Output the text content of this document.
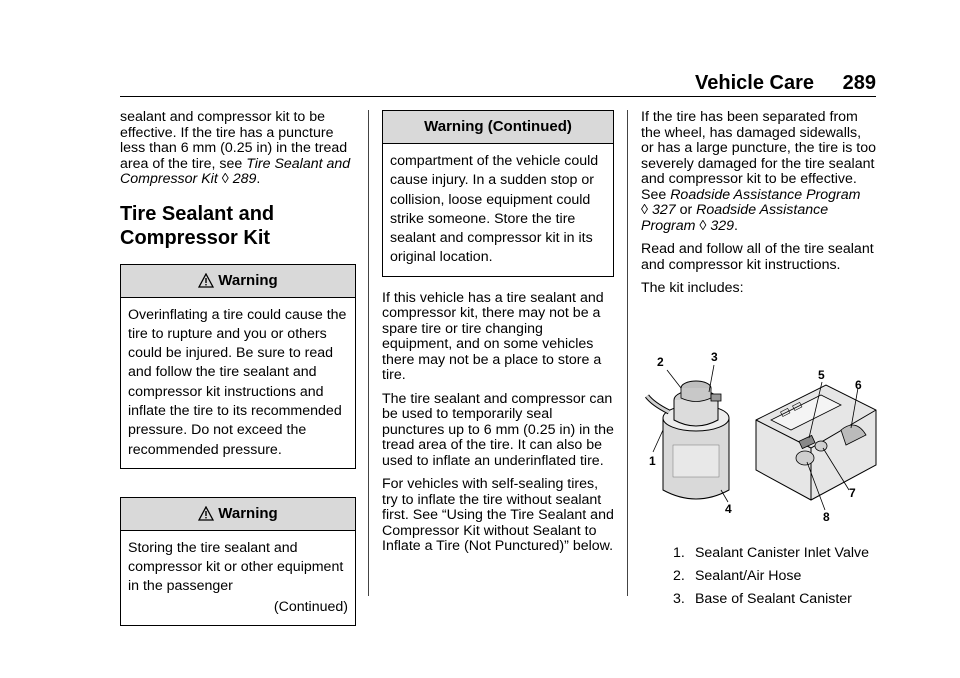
Vehicle Care 289

sealant and compressor kit to be effective. If the tire has a puncture less than 6 mm (0.25 in) in the tread area of the tire, see Tire Sealant and Compressor Kit ◊ 289.

Tire Sealant and Compressor Kit
Warning
Overinflating a tire could cause the tire to rupture and you or others could be injured. Be sure to read and follow the tire sealant and compressor kit instructions and inflate the tire to its recommended pressure. Do not exceed the recommended pressure.
Warning
Storing the tire sealant and compressor kit or other equipment in the passenger
(Continued)
Warning (Continued)
compartment of the vehicle could cause injury. In a sudden stop or collision, loose equipment could strike someone. Store the tire sealant and compressor kit in its original location.

If this vehicle has a tire sealant and compressor kit, there may not be a spare tire or tire changing equipment, and on some vehicles there may not be a place to store a tire.

The tire sealant and compressor can be used to temporarily seal punctures up to 6 mm (0.25 in) in the tread area of the tire. It can also be used to inflate an underinflated tire.

For vehicles with self-sealing tires, try to inflate the tire without sealant first. See “Using the Tire Sealant and Compressor Kit without Sealant to Inflate a Tire (Not Punctured)” below.

If the tire has been separated from the wheel, has damaged sidewalls, or has a large puncture, the tire is too severely damaged for the tire sealant and compressor kit to be effective.
See Roadside Assistance Program
◊ 327 or Roadside Assistance Program ◊ 329.

Read and follow all of the tire sealant and compressor kit instructions.

The kit includes:

1
2	3
4
5
6
7
8
1. Sealant Canister Inlet Valve
2. Sealant/Air Hose
3. Base of Sealant Canister
